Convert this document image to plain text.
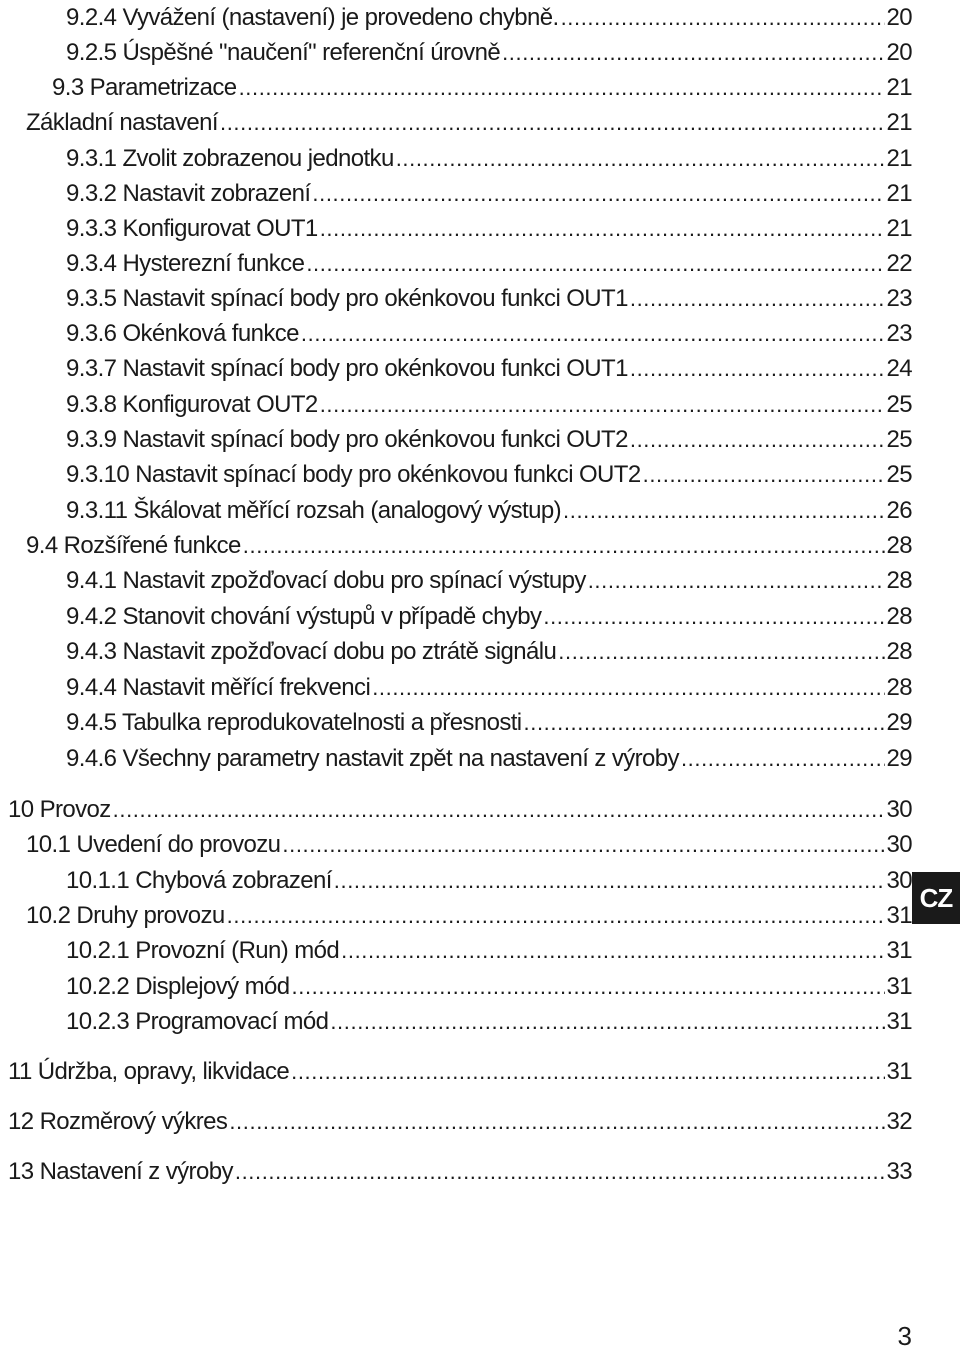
9.2.4 Vyvážení (nastavení) je provedeno chybně. .....	20
9.2.5 Úspěšné "naučení" referenční úrovně .....	20
9.3 Parametrizace .....	21
Základní nastavení .....	21
9.3.1 Zvolit zobrazenou jednotku .....	21
9.3.2 Nastavit zobrazení .....	21
9.3.3 Konfigurovat OUT1 .....	21
9.3.4 Hysterezní funkce .....	22
9.3.5 Nastavit spínací body pro okénkovou funkci OUT1 .....	23
9.3.6 Okénková funkce .....	23
9.3.7 Nastavit spínací body pro okénkovou funkci OUT1 .....	24
9.3.8 Konfigurovat OUT2 .....	25
9.3.9 Nastavit spínací body pro okénkovou funkci OUT2 .....	25
9.3.10 Nastavit spínací body pro okénkovou funkci OUT2 .....	25
9.3.11 Škálovat měřící rozsah (analogový výstup) .....	26
9.4 Rozšířené funkce .....	28
9.4.1 Nastavit zpožďovací dobu pro spínací výstupy .....	28
9.4.2 Stanovit chování výstupů v případě chyby .....	28
9.4.3 Nastavit zpožďovací dobu po ztrátě signálu .....	28
9.4.4 Nastavit měřící frekvenci .....	28
9.4.5 Tabulka reprodukovatelnosti a přesnosti .....	29
9.4.6 Všechny parametry nastavit zpět na nastavení z výroby .....	29
10 Provoz .....	30
10.1 Uvedení do provozu .....	30
10.1.1 Chybová zobrazení .....	30
10.2 Druhy provozu .....	31
10.2.1 Provozní (Run) mód .....	31
10.2.2 Displejový mód .....	31
10.2.3 Programovací mód .....	31
11 Údržba, opravy, likvidace .....	31
12 Rozměrový výkres .....	32
13 Nastavení z výroby .....	33
CZ
3
